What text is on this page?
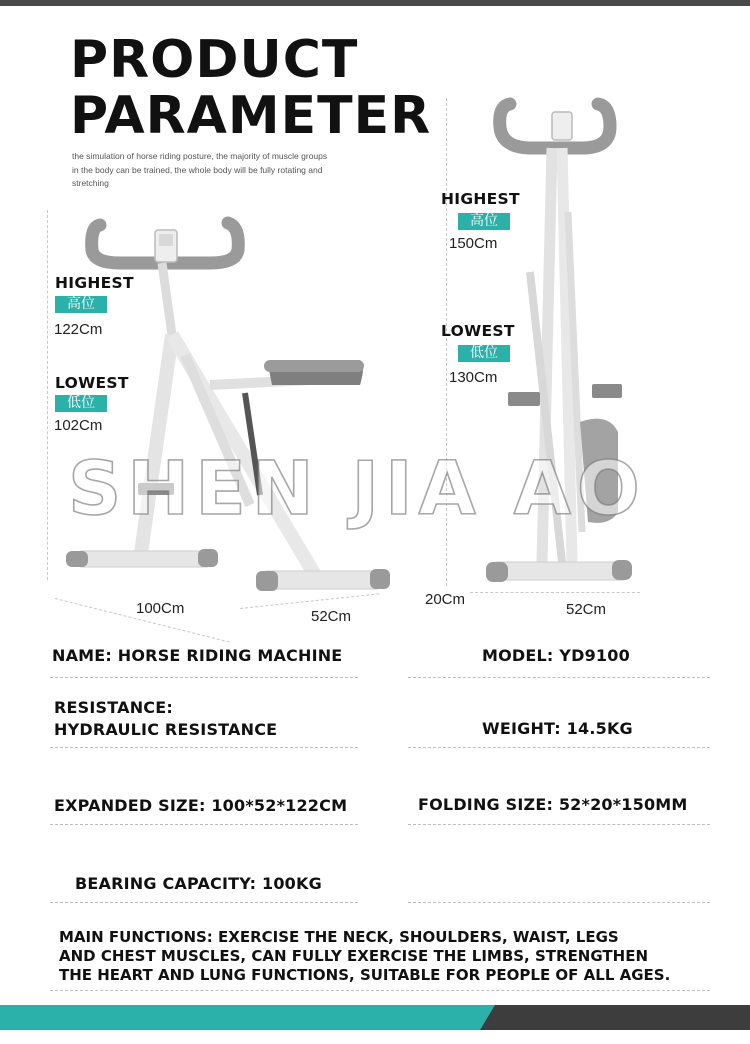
PRODUCT
PARAMETER
the simulation of horse riding posture, the majority of muscle groups in the body can be trained, the whole body will be fully rotating and stretching
HIGHEST
高位
122Cm
LOWEST
低位
102Cm
100Cm	52Cm
HIGHEST
高位
150Cm
LOWEST
低位
130Cm
20Cm
52Cm
SHEN JIA AO
NAME: HORSE RIDING MACHINE	MODEL: YD9100
RESISTANCE:
HYDRAULIC RESISTANCE	WEIGHT: 14.5KG
EXPANDED SIZE: 100*52*122CM	FOLDING SIZE: 52*20*150MM
BEARING CAPACITY: 100KG
MAIN FUNCTIONS: EXERCISE THE NECK, SHOULDERS, WAIST, LEGS
AND CHEST MUSCLES, CAN FULLY EXERCISE THE LIMBS, STRENGTHEN
THE HEART AND LUNG FUNCTIONS, SUITABLE FOR PEOPLE OF ALL AGES.
